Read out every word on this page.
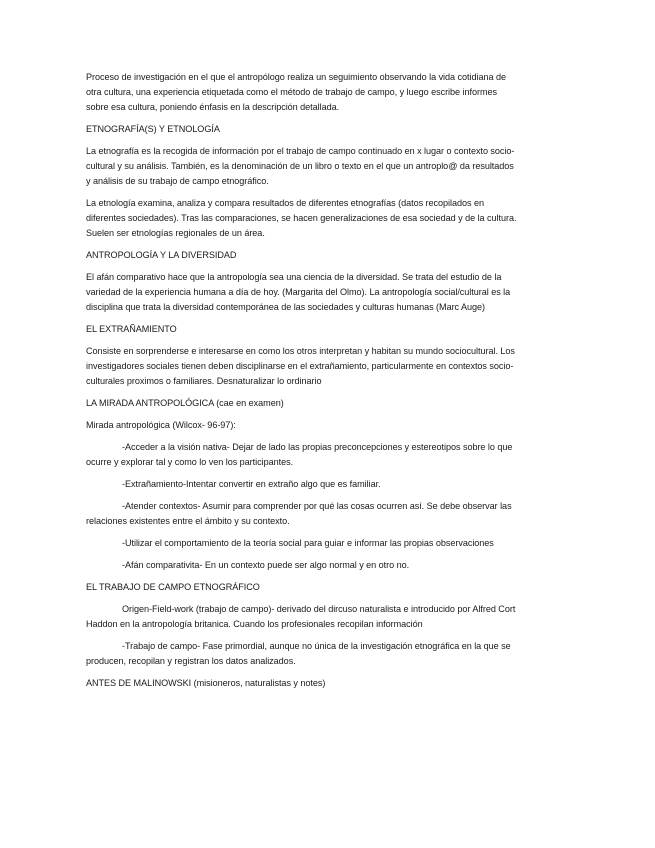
Proceso de investigación en el que el antropólogo realiza un seguimiento observando la vida cotidiana de otra cultura, una experiencia etiquetada como el método de trabajo de campo, y luego escribe informes sobre esa cultura, poniendo énfasis en la descripción detallada.

ETNOGRAFÍA(S) Y ETNOLOGÍA

La etnografía es la recogida de información por el trabajo de campo continuado en x lugar o contexto socio-cultural y su análisis. También, es la denominación de un libro o texto en el que un antroplo@ da resultados y análisis de su trabajo de campo etnográfico.

La etnología examina, analiza y compara resultados de diferentes etnografías (datos recopilados en diferentes sociedades). Tras las comparaciones, se hacen generalizaciones de esa sociedad y de la cultura. Suelen ser etnologías regionales de un área.

ANTROPOLOGÍA Y LA DIVERSIDAD

El afán comparativo hace que la antropología sea una ciencia de la diversidad. Se trata del estudio de la variedad de la experiencia humana a día de hoy. (Margarita del Olmo). La antropología social/cultural es la disciplina que trata la diversidad contemporánea de las sociedades y culturas humanas (Marc Auge)

EL EXTRAÑAMIENTO

Consiste en sorprenderse e interesarse en como los otros interpretan y habitan su mundo sociocultural. Los investigadores sociales tienen deben disciplinarse en el extrañamiento, particularmente en contextos socio-culturales proximos o familiares. Desnaturalizar lo ordinario

LA MIRADA ANTROPOLÓGICA (cae en examen)

Mirada antropológica (Wilcox- 96-97):

-Acceder a la visión nativa- Dejar de lado las propias preconcepciones y estereotipos sobre lo que ocurre y explorar tal y como lo ven los participantes.

-Extrañamiento-Intentar convertir en extraño algo que es familiar.

-Atender contextos- Asumir para comprender por qué las cosas ocurren así. Se debe observar las relaciones existentes entre el ámbito y su contexto.

-Utilizar el comportamiento de la teoría social para guiar e informar las propias observaciones

-Afán comparativita- En un contexto puede ser algo normal y en otro no.

EL TRABAJO DE CAMPO ETNOGRÁFICO

Origen-Field-work (trabajo de campo)- derivado del dircuso naturalista e introducido por Alfred Cort Haddon en la antropología britanica. Cuando los profesionales recopilan información

-Trabajo de campo- Fase primordial, aunque no única de la investigación etnográfica en la que se producen, recopilan y registran los datos analizados.

ANTES DE MALINOWSKI (misioneros, naturalistas y notes)
